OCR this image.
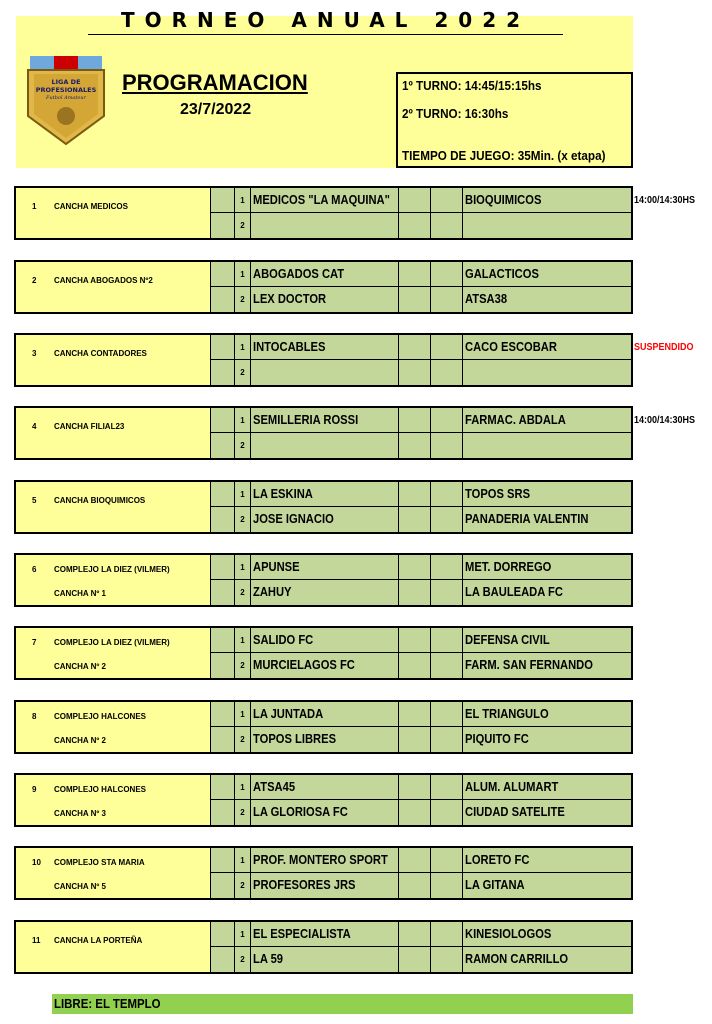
TORNEO ANUAL 2022
LIGA DE
PROFESIONALES
Futbol Amateur
PROGRAMACION
23/7/2022
1º TURNO: 14:45/15:15hs
2º TURNO: 16:30hs
TIEMPO DE JUEGO: 35Min. (x etapa)
1 CANCHA MEDICOS
1 MEDICOS "LA MAQUINA"	BIOQUIMICOS
2
14:00/14:30HS
2 CANCHA ABOGADOS Nº2
1 ABOGADOS CAT	GALACTICOS
2 LEX DOCTOR	ATSA38
3 CANCHA CONTADORES
1 INTOCABLES	CACO ESCOBAR
2
SUSPENDIDO
4 CANCHA FILIAL23
1 SEMILLERIA ROSSI	FARMAC. ABDALA
2
14:00/14:30HS
5 CANCHA BIOQUIMICOS
1 LA ESKINA	TOPOS SRS
2 JOSE IGNACIO	PANADERIA VALENTIN
6 COMPLEJO LA DIEZ (VILMER)
CANCHA Nº 1
1 APUNSE	MET. DORREGO
2 ZAHUY	LA BAULEADA FC
7 COMPLEJO LA DIEZ (VILMER)
CANCHA Nº 2
1 SALIDO FC	DEFENSA CIVIL
2 MURCIELAGOS FC	FARM. SAN FERNANDO
8 COMPLEJO HALCONES
CANCHA Nº 2
1 LA JUNTADA	EL TRIANGULO
2 TOPOS LIBRES	PIQUITO FC
9 COMPLEJO HALCONES
CANCHA Nº 3
1 ATSA45	ALUM. ALUMART
2 LA GLORIOSA FC	CIUDAD SATELITE
10 COMPLEJO STA MARIA
CANCHA Nº 5
1 PROF. MONTERO SPORT	LORETO FC
2 PROFESORES JRS	LA GITANA
11 CANCHA LA PORTEÑA
1 EL ESPECIALISTA	KINESIOLOGOS
2 LA 59	RAMON CARRILLO
LIBRE: EL TEMPLO
